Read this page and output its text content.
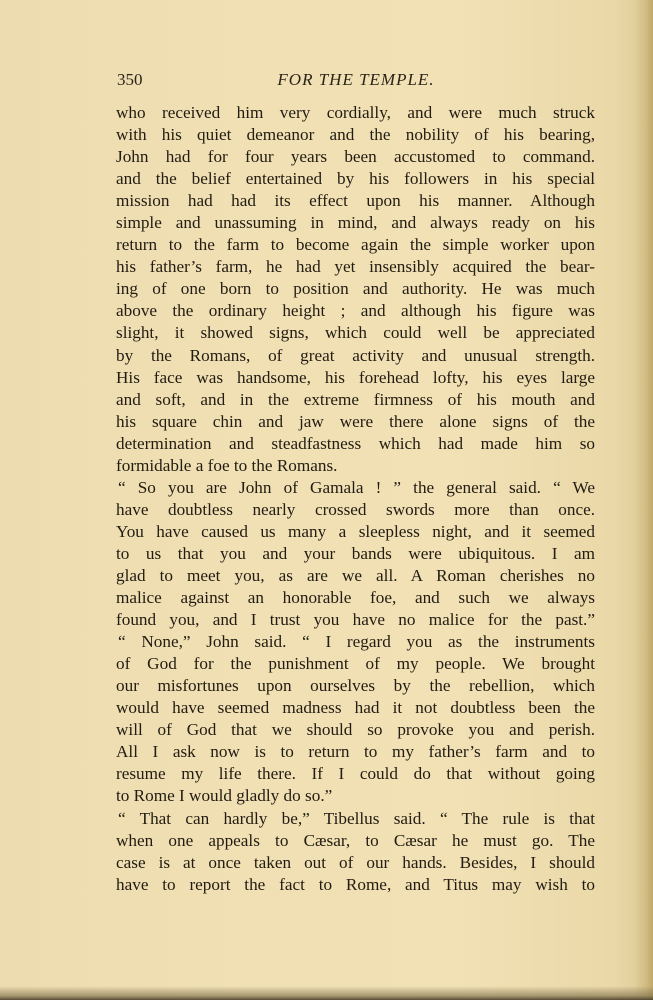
350	FOR THE TEMPLE.
who received him very cordially, and were much struck
with his quiet demeanor and the nobility of his bearing,
John had for four years been accustomed to command.
and the belief entertained by his followers in his special
mission had had its effect upon his manner. Although
simple and unassuming in mind, and always ready on his
return to the farm to become again the simple worker upon
his father’s farm, he had yet insensibly acquired the bear-
ing of one born to position and authority. He was much
above the ordinary height ; and although his figure was
slight, it showed signs, which could well be appreciated
by the Romans, of great activity and unusual strength.
His face was handsome, his forehead lofty, his eyes large
and soft, and in the extreme firmness of his mouth and
his square chin and jaw were there alone signs of the
determination and steadfastness which had made him so
formidable a foe to the Romans.
“ So you are John of Gamala ! ” the general said. “ We
have doubtless nearly crossed swords more than once.
You have caused us many a sleepless night, and it seemed
to us that you and your bands were ubiquitous. I am
glad to meet you, as are we all. A Roman cherishes no
malice against an honorable foe, and such we always
found you, and I trust you have no malice for the past.”
“ None,” John said. “ I regard you as the instruments
of God for the punishment of my people. We brought
our misfortunes upon ourselves by the rebellion, which
would have seemed madness had it not doubtless been the
will of God that we should so provoke you and perish.
All I ask now is to return to my father’s farm and to
resume my life there. If I could do that without going
to Rome I would gladly do so.”
“ That can hardly be,” Tibellus said. “ The rule is that
when one appeals to Cæsar, to Cæsar he must go. The
case is at once taken out of our hands. Besides, I should
have to report the fact to Rome, and Titus may wish to
